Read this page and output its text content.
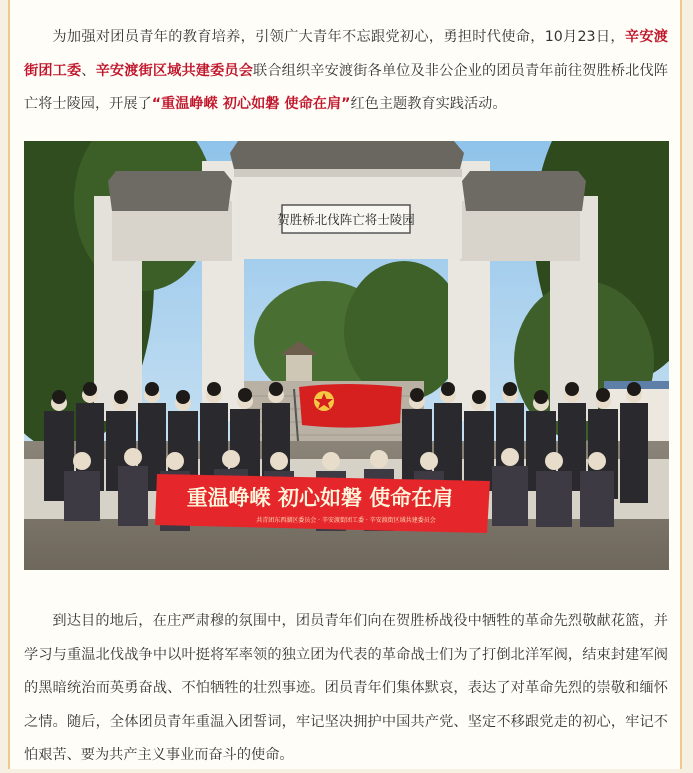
为加强对团员青年的教育培养，引领广大青年不忘跟党初心，勇担时代使命，10月23日，辛安渡街团工委、辛安渡街区域共建委员会联合组织辛安渡街各单位及非公企业的团员青年前往贺胜桥北伐阵亡将士陵园，开展了“重温峥嵘 初心如磐 使命在肩”红色主题教育实践活动。

贺胜桥北伐阵亡将士陵园
重温峥嵘 初心如磐 使命在肩
共青团东西湖区委员会 · 辛安渡街团工委 · 辛安渡街区域共建委员会

到达目的地后，在庄严肃穆的氛围中，团员青年们向在贺胜桥战役中牺牲的革命先烈敬献花篮，并学习与重温北伐战争中以叶挺将军率领的独立团为代表的革命战士们为了打倒北洋军阀，结束封建军阀的黑暗统治而英勇奋战、不怕牺牲的壮烈事迹。团员青年们集体默哀，表达了对革命先烈的崇敬和缅怀之情。随后，全体团员青年重温入团誓词，牢记坚决拥护中国共产党、坚定不移跟党走的初心，牢记不怕艰苦、要为共产主义事业而奋斗的使命。
